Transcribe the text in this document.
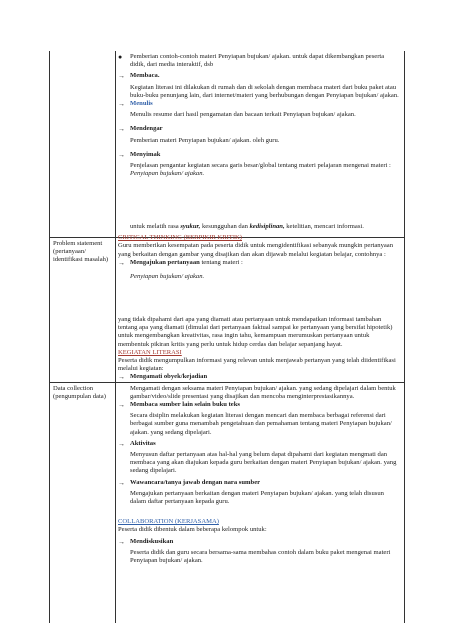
Problem statement (pertanyaan/ identifikasi masalah)
Data collection (pengumpulan data)
● Pemberian contoh-contoh materi Penyiapan bujukan/ ajakan. untuk dapat dikembangkan peserta didik, dari media interaktif, dsb
→ Membaca.
Kegiatan literasi ini dilakukan di rumah dan di sekolah dengan membaca materi dari buku paket atau buku-buku penunjang lain, dari internet/materi yang berhubungan dengan Penyiapan bujukan/ ajakan.
→ Menulis
Menulis resume dari hasil pengamatan dan bacaan terkait Penyiapan bujukan/ ajakan.
→ Mendengar
Pemberian materi Penyiapan bujukan/ ajakan. oleh guru.
→ Menyimak
Penjelasan pengantar kegiatan secara garis besar/global tentang materi pelajaran mengenai materi :
Penyiapan bujukan/ ajakan.
untuk melatih rasa syukur, kesungguhan dan kedisiplinan, ketelitian, mencari informasi.
CRITICAL THINKING (BERPIKIR KRITIK)
Guru memberikan kesempatan pada peserta didik untuk mengidentifikasi sebanyak mungkin pertanyaan yang berkaitan dengan gambar yang disajikan dan akan dijawab melalui kegiatan belajar, contohnya :
→ Mengajukan pertanyaan tentang materi :
Penyiapan bujukan/ ajakan.
yang tidak dipahami dari apa yang diamati atau pertanyaan untuk mendapatkan informasi tambahan tentang apa yang diamati (dimulai dari pertanyaan faktual sampai ke pertanyaan yang bersifat hipotetik) untuk mengembangkan kreativitas, rasa ingin tahu, kemampuan merumuskan pertanyaan untuk membentuk pikiran kritis yang perlu untuk hidup cerdas dan belajar sepanjang hayat.
KEGIATAN LITERASI
Peserta didik mengumpulkan informasi yang relevan untuk menjawab pertanyan yang telah diidentifikasi melalui kegiatan:
→ Mengamati obyek/kejadian
Mengamati dengan seksama materi Penyiapan bujukan/ ajakan. yang sedang dipelajari dalam bentuk gambar/video/slide presentasi yang disajikan dan mencoba menginterprestasikannya.
→ Membaca sumber lain selain buku teks
Secara disiplin melakukan kegiatan literasi dengan mencari dan membaca berbagai referensi dari berbagai sumber guna menambah pengetahuan dan pemahaman tentang materi Penyiapan bujukan/ ajakan. yang sedang dipelajari.
→ Aktivitas
Menyusun daftar pertanyaan atas hal-hal yang belum dapat dipahami dari kegiatan mengmati dan membaca yang akan diajukan kepada guru berkaitan dengan materi Penyiapan bujukan/ ajakan. yang sedang dipelajari.
→ Wawancara/tanya jawab dengan nara sumber
Mengajukan pertanyaan berkaitan dengan materi Penyiapan bujukan/ ajakan. yang telah disusun dalam daftar pertanyaan kepada guru.
COLLABORATION (KERJASAMA)
Peserta didik dibentuk dalam beberapa kelompok untuk:
→ Mendiskusikan
Peserta didik dan guru secara bersama-sama membahas contoh dalam buku paket mengenai materi Penyiapan bujukan/ ajakan.
